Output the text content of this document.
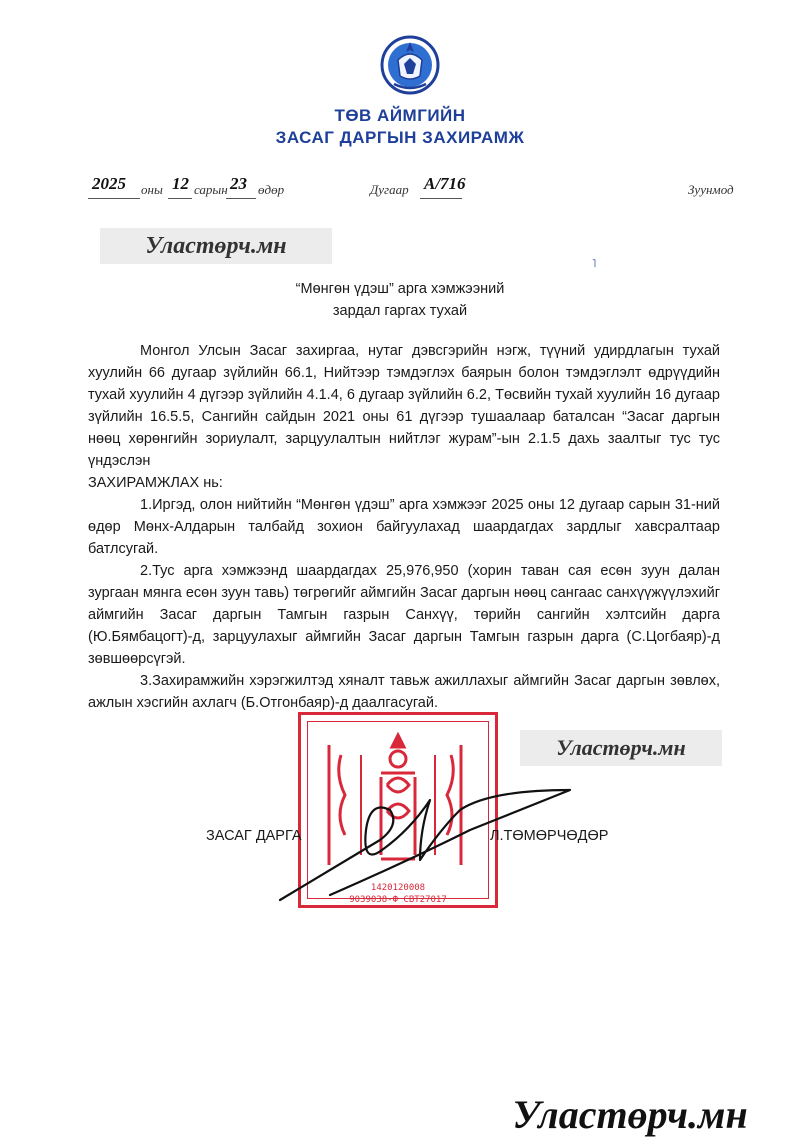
ТӨВ АЙМГИЙН
ЗАСАГ ДАРГЫН ЗАХИРАМЖ
2025 оны 12 сарын 23 өдөр	Дугаар А/716	Зуунмод
Уластөрч.мн
˥
“Мөнгөн үдэш” арга хэмжээний
зардал гаргах тухай

Монгол Улсын Засаг захиргаа, нутаг дэвсгэрийн нэгж, түүний удирдлагын тухай хуулийн 66 дугаар зүйлийн 66.1, Нийтээр тэмдэглэх баярын болон тэмдэглэлт өдрүүдийн тухай хуулийн 4 дүгээр зүйлийн 4.1.4, 6 дугаар зүйлийн 6.2, Төсвийн тухай хуулийн 16 дугаар зүйлийн 16.5.5, Сангийн сайдын 2021 оны 61 дүгээр тушаалаар баталсан “Засаг даргын нөөц хөрөнгийн зориулалт, зарцуулалтын нийтлэг журам”-ын 2.1.5 дахь заалтыг тус тус үндэслэн

ЗАХИРАМЖЛАХ нь:

1.Иргэд, олон нийтийн “Мөнгөн үдэш” арга хэмжээг 2025 оны 12 дугаар сарын 31-ний өдөр Мөнх-Алдарын талбайд зохион байгуулахад шаардагдах зардлыг хавсралтаар батлсугай.

2.Тус арга хэмжээнд шаардагдах 25,976,950 (хорин таван сая есөн зуун далан зургаан мянга есөн зуун тавь) төгрөгийг аймгийн Засаг даргын нөөц сангаас санхүүжүүлэхийг аймгийн Засаг даргын Тамгын газрын Санхүү, төрийн сангийн хэлтсийн дарга (Ю.Бямбацогт)-д, зарцуулахыг аймгийн Засаг даргын Тамгын газрын дарга (С.Цогбаяр)-д зөвшөөрсүгэй.

3.Захирамжийн хэрэгжилтэд хяналт тавьж ажиллахыг аймгийн Засаг даргын зөвлөх, ажлын хэсгийн ахлагч (Б.Отгонбаяр)-д даалгасугай.

1420120008
9039038-Ф CBT27017
Уластөрч.мн
ЗАСАГ ДАРГА	Л.ТӨМӨРЧӨДӨР
Уластөрч.мн
